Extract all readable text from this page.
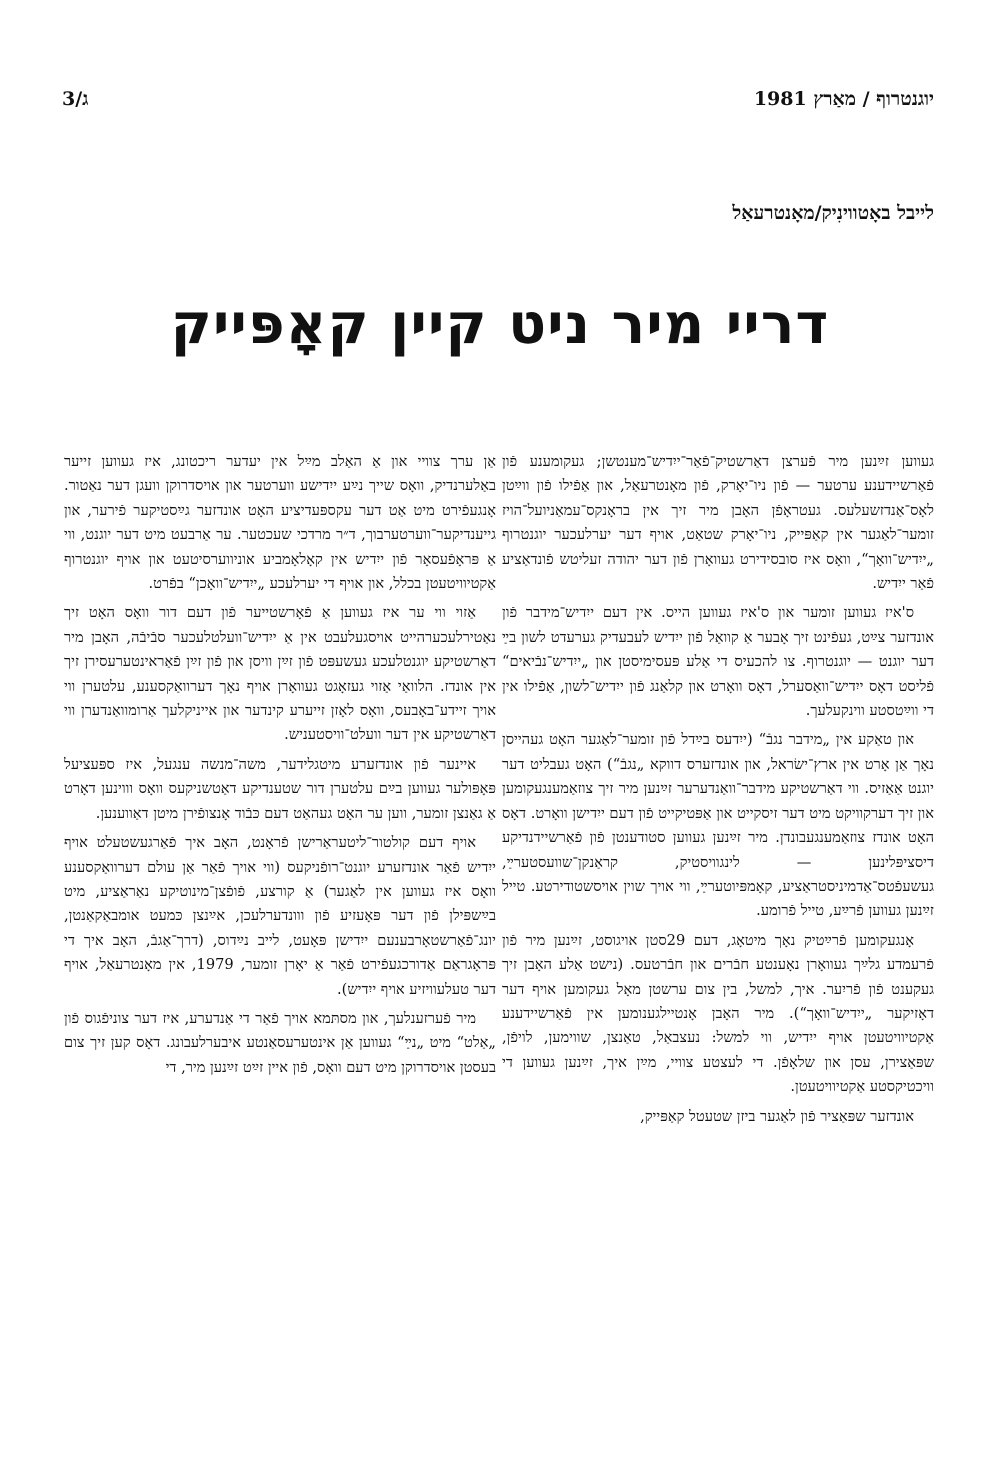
יוגנטרוף / מאַרץ 1981
ג/3
לייבל באָטווינִיק/מאָנטרעאַל
דריי מיר ניט קיין קאָפּייק

געווען זײַנען מיר פֿערצן דאַרשטיק־פֿאַר־ייִדיש־מענטשן; געקומענע פֿון פֿאַרשיידענע ערטער — פֿון ניו־יאָרק, פֿון מאָנטרעאַל, און אַפֿילו פֿון ווײַטן לאָס־אַנדזשעלעס. געטראָפֿן האָבן מיר זיך אין בראָנקס־עמאַניועל־הויז זומער־לאַגער אין קאַפּייק, ניו־יאָרק שטאַט, אויף דער יערלעכער יוגנטרוף „ייִדיש־וואָך“, וואָס איז סובסידירט געוואָרן פֿון דער יהודה זעליטש פֿונדאַציע פֿאַר ייִדיש.

ס'איז געווען זומער און ס'איז געווען הייס. אין דעם ייִדיש־מידבר פֿון אונדזער צײַט, געפֿינט זיך אָבער אַ קוואַל פֿון ייִדיש לעבעדיק גערעדט לשון בײַ דער יוגנט — יוגנטרוף. צו להכעיס די אַלע פּעסימיסטן און „ייִדיש־נבֿיאים“ פֿליסט דאָס ייִדיש־וואַסערל, דאָס וואָרט און קלאַנג פֿון ייִדיש־לשון, אַפֿילו אין די ווײַטסטע ווינקעלעך.

און טאַקע אין „מידבר נגבֿ“ (ייִדעס בײַדל פֿון זומער־לאַגער האָט געהייסן נאָך אַן אָרט אין ארץ־ישׂראל, און אונדזערס דווקא „נגבֿ“) האָט געבליט דער יוגנט אַאַזיס. ווי דאַרשטיקע מידבר־וואַנדערער זײַנען מיר זיך צוזאַמענגעקומען און זיך דערקוויקט מיט דער זיסקייט און אַפּטיקייט פֿון דעם ייִדישן וואָרט. דאָס האָט אונדז צוזאַמענגעבונדן. מיר זײַנען געווען סטודענטן פֿון פֿאַרשיידנדיקע דיסציפּלינען — לינגוויסטיק, קראַנקן־שוועסטערײַ, געשעפֿטס־אַדמיניסטראַציע, קאָמפּיוטערײַ, ווי אויך שוין אויסשטודירטע. טייל זײַנען געווען פֿרײַע, טייל פֿרומע.

אָנגעקומען פֿרײַטיק נאָך מיטאָג, דעם 29סטן אויגוסט, זײַנען מיר פֿון פֿרעמדע גלײַך געוואָרן נאָענטע חבֿרים און חבֿרטעס. (נישט אַלע האָבן זיך געקענט פֿון פֿריִער. איך, למשל, בין צום ערשטן מאָל געקומען אויף דער דאָזיקער „ייִדיש־וואָך“). מיר האָבן אָנטיילגענומען אין פֿאַרשיידענע אַקטיוויטעטן אויף ייִדיש, ווי למשל: נעצבאַל, טאַנצן, שווימען, לויפֿן, שפּאַצירן, עסן און שלאָפֿן. די לעצטע צוויי, מײַן איך, זײַנען געווען די וויכטיקסטע אַקטיוויטעטן.

אונדזער שפּאַציר פֿון לאַגער ביזן שטעטל קאַפּייק,

אַן ערך צוויי און אַ האַלב מײַל אין יעדער ריכטונג, איז געווען זייער באַלערנדיק, וואָס שייך נײַע ייִדישע ווערטער און אויסדרוקן וועגן דער נאַטור. אָנגעפֿירט מיט אַט דער עקספּעדיציע האָט אונדזער גײַסטיקער פֿירער, און גייענדיקער־ווערטערבוך, ד״ר מרדכי שעכטער. ער אַרבעט מיט דער יוגנט, ווי אַ פּראָפֿעסאָר פֿון ייִדיש אין קאָלאָמביע אוניווערסיטעט און אויף יוגנטרוף אַקטיוויטעטן בכלל, און אויף די יערלעכע „ייִדיש־וואָכן“ בפֿרט.

אַזוי ווי ער איז געווען אַ פֿאָרשטייער פֿון דעם דור וואָס האָט זיך נאַטירלעכערהייט אויסגעלעבט אין אַ ייִדיש־וועלטלעכער סבֿיבֿה, האָבן מיר דאַרשטיקע יוגנטלעכע געשעפּט פֿון זײַן וויסן און פֿון זײַן פֿאַראינטערעסירן זיך אין אונדז. הלוואַי אַזוי געזאָגט געוואָרן אויף נאָך דערוואַקסענע, עלטערן ווי אויך זיידע־באָבעס, וואָס לאָזן זייערע קינדער און אייניקלעך אַרומוואַנדערן ווי דאַרשטיקע אין דער וועלט־וויסטעניש.

איינער פֿון אונדזערע מיטגלידער, משה־מנשה ענגעל, איז ספּעציעל פּאָפּולער געווען בײַם עלטערן דור שטענדיקע דאַטשניקעס וואָס וווינען דאָרט אַ גאַנצן זומער, ווען ער האָט געהאַט דעם כּבֿוד אָנצופֿירן מיטן דאַווענען.

אויף דעם קולטור־ליטעראַרישן פֿראָנט, האָב איך פֿאַרגעשטעלט אויף ייִדיש פֿאַר אונדזערע יוגנט־רופֿניקעס (ווי אויך פֿאַר אַן עולם דערוואַקסענע וואָס איז געווען אין לאַגער) אַ קורצע, פֿופֿצן־מינוטיקע נאַראַציע, מיט בײַשפּילן פֿון דער פּאָעזיע פֿון ווונדערלעכן, אײַנצן כּמעט אומבאַקאַנטן, יונג־פֿאַרשטאָרבענעם ייִדישן פּאָעט, לייב נײַדוס, (דרך־אַגבֿ, האָב איך די פּראָגראַם אַדורכגעפֿירט פֿאַר אַ יאָרן זומער, 1979, אין מאָנטרעאַל, אויף דער טעלעוויזיע אויף ייִדיש).

מיר פֿערזענלעך, און מסתּמא אויך פֿאַר די אַנדערע, איז דער צוניפֿגוס פֿון „אַלט“ מיט „נײַ“ געווען אַן אינטערעסאַנטע איבערלעבונג. דאָס קען זיך צום בעסטן אויסדרוקן מיט דעם וואָס, פֿון איין זײַט זײַנען מיר, די
